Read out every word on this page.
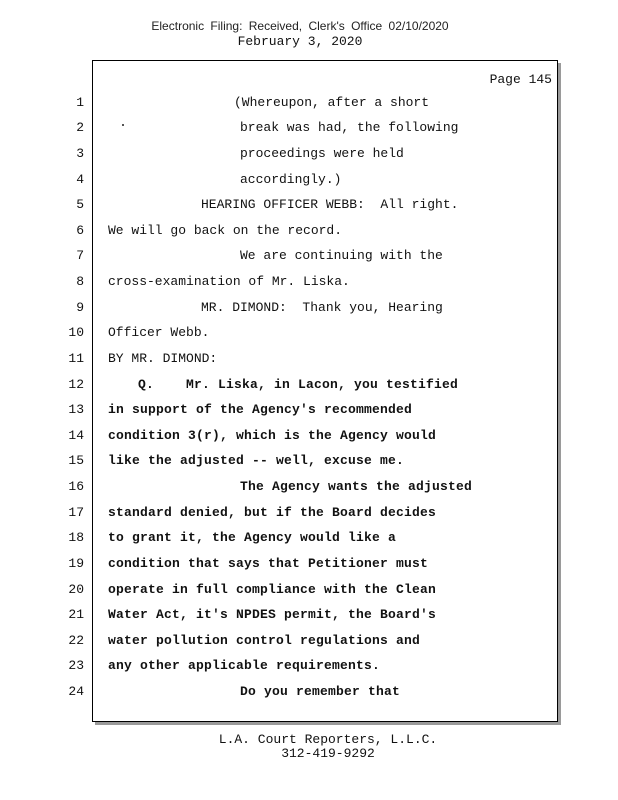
Electronic Filing: Received, Clerk's Office 02/10/2020
February 3, 2020
Page 145
1
2
3
4
5
6
7
8
9
10
11
12
13
14
15
16
17
18
19
20
21
22
23
24
(Whereupon, after a short
break was had, the following
proceedings were held
accordingly.)
HEARING OFFICER WEBB:  All right.
We will go back on the record.
We are continuing with the
cross-examination of Mr. Liska.
MR. DIMOND:  Thank you, Hearing
Officer Webb.
BY MR. DIMOND:
Q.    Mr. Liska, in Lacon, you testified
in support of the Agency's recommended
condition 3(r), which is the Agency would
like the adjusted -- well, excuse me.
The Agency wants the adjusted
standard denied, but if the Board decides
to grant it, the Agency would like a
condition that says that Petitioner must
operate in full compliance with the Clean
Water Act, it's NPDES permit, the Board's
water pollution control regulations and
any other applicable requirements.
Do you remember that
L.A. Court Reporters, L.L.C.
312-419-9292
